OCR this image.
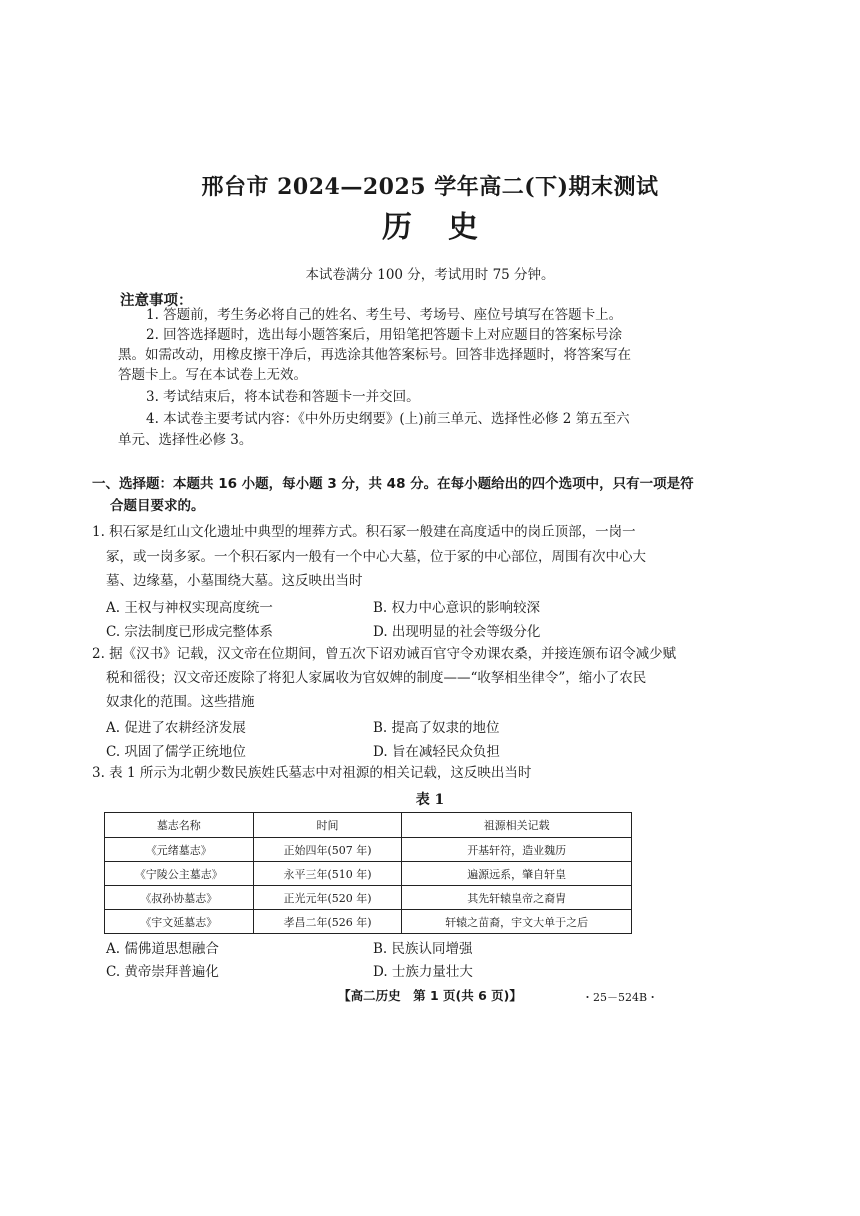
邢台市 2024—2025 学年高二(下)期末测试
历史
本试卷满分 100 分，考试用时 75 分钟。
注意事项：
1. 答题前，考生务必将自己的姓名、考生号、考场号、座位号填写在答题卡上。
2. 回答选择题时，选出每小题答案后，用铅笔把答题卡上对应题目的答案标号涂
黑。如需改动，用橡皮擦干净后，再选涂其他答案标号。回答非选择题时，将答案写在
答题卡上。写在本试卷上无效。
3. 考试结束后，将本试卷和答题卡一并交回。
4. 本试卷主要考试内容：《中外历史纲要》(上)前三单元、选择性必修 2 第五至六
单元、选择性必修 3。
一、选择题：本题共 16 小题，每小题 3 分，共 48 分。在每小题给出的四个选项中，只有一项是符
合题目要求的。
1. 积石冢是红山文化遗址中典型的埋葬方式。积石冢一般建在高度适中的岗丘顶部，一岗一
冢，或一岗多冢。一个积石冢内一般有一个中心大墓，位于冢的中心部位，周围有次中心大
墓、边缘墓，小墓围绕大墓。这反映出当时
A. 王权与神权实现高度统一	B. 权力中心意识的影响较深
C. 宗法制度已形成完整体系	D. 出现明显的社会等级分化
2. 据《汉书》记载，汉文帝在位期间，曾五次下诏劝诫百官守令劝课农桑，并接连颁布诏令减少赋
税和徭役；汉文帝还废除了将犯人家属收为官奴婢的制度——“收孥相坐律令”，缩小了农民
奴隶化的范围。这些措施
A. 促进了农耕经济发展	B. 提高了奴隶的地位
C. 巩固了儒学正统地位	D. 旨在减轻民众负担
3. 表 1 所示为北朝少数民族姓氏墓志中对祖源的相关记载，这反映出当时
表 1
墓志名称	时间	祖源相关记载
《元绪墓志》	正始四年(507 年)	开基轩符，造业魏历
《宁陵公主墓志》	永平三年(510 年)	遍源远系，肇自轩皇
《叔孙协墓志》	正光元年(520 年)	其先轩辕皇帝之裔胄
《宇文延墓志》	孝昌二年(526 年)	轩辕之苗裔，宇文大单于之后
A. 儒佛道思想融合	B. 民族认同增强
C. 黄帝崇拜普遍化	D. 士族力量壮大
【高二历史　第 1 页(共 6 页)】	・25－524B・
